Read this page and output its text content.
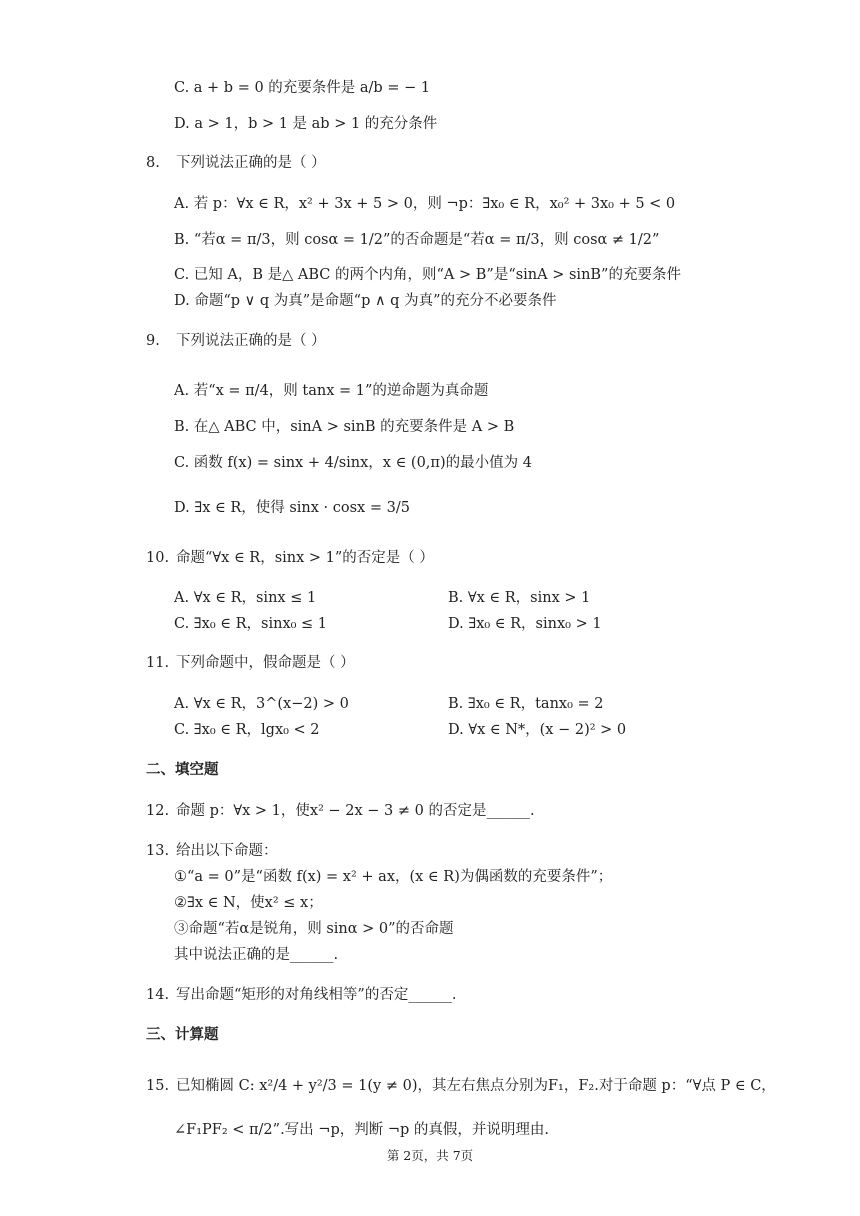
C. a + b = 0 的充要条件是 a/b = − 1
D. a > 1，b > 1 是 ab > 1 的充分条件
8. 下列说法正确的是（ ）
A. 若 p：∀x ∈ R，x² + 3x + 5 > 0，则 ¬p：∃x₀ ∈ R，x₀² + 3x₀ + 5 < 0
B. “若α = π/3，则 cosα = 1/2”的否命题是“若α = π/3，则 cosα ≠ 1/2”
C. 已知 A，B 是△ ABC 的两个内角，则“A > B”是“sinA > sinB”的充要条件
D. 命题“p ∨ q 为真”是命题“p ∧ q 为真”的充分不必要条件
9. 下列说法正确的是（ ）
A. 若“x = π/4，则 tanx = 1”的逆命题为真命题
B. 在△ ABC 中，sinA > sinB 的充要条件是 A > B
C. 函数 f(x) = sinx + 4/sinx，x ∈ (0,π)的最小值为 4
D. ∃x ∈ R，使得 sinx · cosx = 3/5
10. 命题“∀x ∈ R，sinx > 1”的否定是（ ）
A. ∀x ∈ R，sinx ≤ 1	B. ∀x ∈ R，sinx > 1
C. ∃x₀ ∈ R，sinx₀ ≤ 1	D. ∃x₀ ∈ R，sinx₀ > 1
11. 下列命题中，假命题是（ ）
A. ∀x ∈ R，3^(x−2) > 0	B. ∃x₀ ∈ R，tanx₀ = 2
C. ∃x₀ ∈ R，lgx₀ < 2	D. ∀x ∈ N*，(x − 2)² > 0
二、填空题
12. 命题 p：∀x > 1，使x² − 2x − 3 ≠ 0 的否定是______.
13. 给出以下命题：
①“a = 0”是“函数 f(x) = x² + ax，(x ∈ R)为偶函数的充要条件”；
②∃x ∈ N，使x² ≤ x；
③命题“若α是锐角，则 sinα > 0”的否命题
其中说法正确的是______.
14. 写出命题“矩形的对角线相等”的否定______.
三、计算题
15. 已知椭圆 C: x²/4 + y²/3 = 1(y ≠ 0)，其左右焦点分别为F₁，F₂.对于命题 p：“∀点 P ∈ C，
∠F₁PF₂ < π/2”.写出 ¬p，判断 ¬p 的真假，并说明理由.
第 2页，共 7页
